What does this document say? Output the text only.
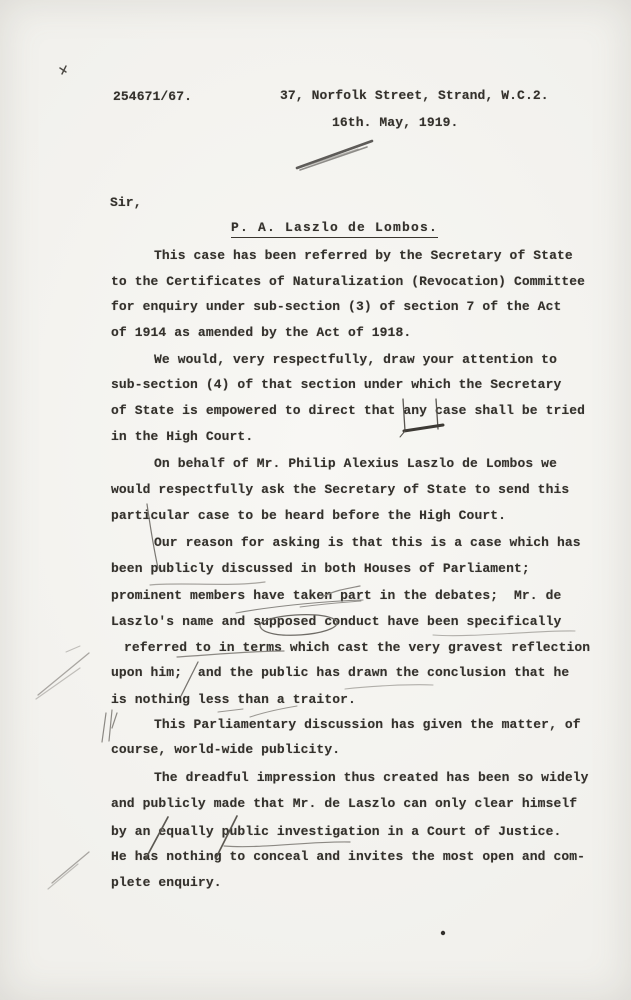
254671/67.	37, Norfolk Street, Strand, W.C.2.
16th. May, 1919.
Sir,
P. A. Laszlo de Lombos.
This case has been referred by the Secretary of State
to the Certificates of Naturalization (Revocation) Committee
for enquiry under sub-section (3) of section 7 of the Act
of 1914 as amended by the Act of 1918.
We would, very respectfully, draw your attention to
sub-section (4) of that section under which the Secretary
of State is empowered to direct that any case shall be tried
in the High Court.
On behalf of Mr. Philip Alexius Laszlo de Lombos we
would respectfully ask the Secretary of State to send this
particular case to be heard before the High Court.
Our reason for asking is that this is a case which has
been publicly discussed in both Houses of Parliament;
prominent members have taken part in the debates;  Mr. de
Laszlo's name and supposed conduct have been specifically
referred to in terms which cast the very gravest reflection
upon him;  and the public has drawn the conclusion that he
is nothing less than a traitor.
This Parliamentary discussion has given the matter, of
course, world-wide publicity.
The dreadful impression thus created has been so widely
and publicly made that Mr. de Laszlo can only clear himself
by an equally public investigation in a Court of Justice.
He has nothing to conceal and invites the most open and com-
plete enquiry.
